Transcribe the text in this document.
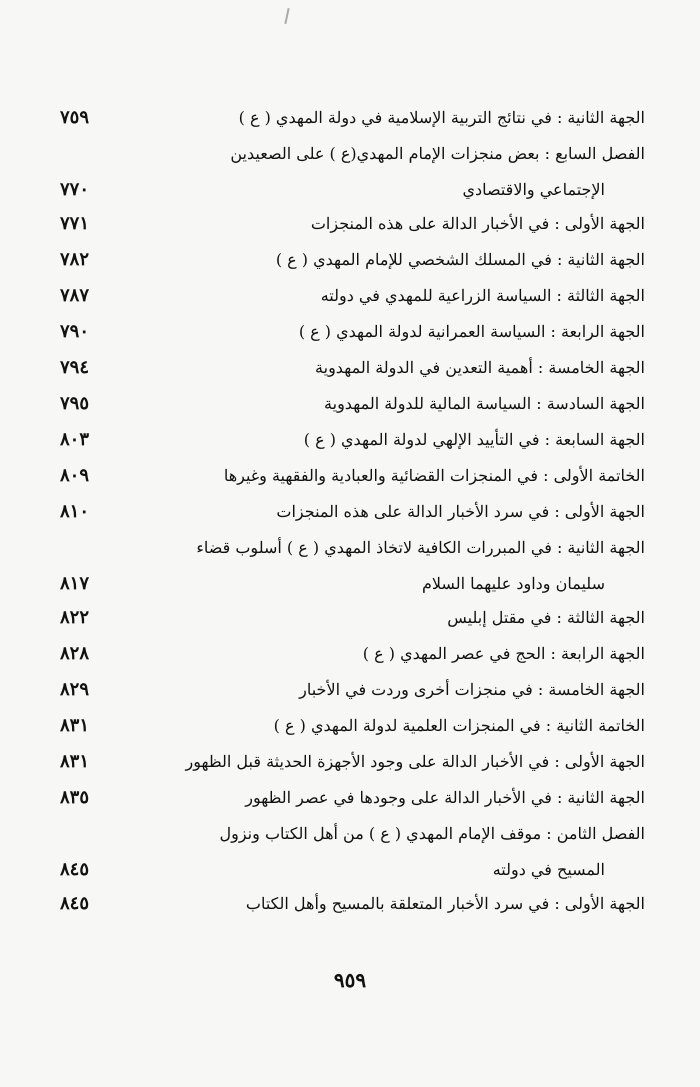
الجهة الثانية : في نتائج التربية الإسلامية في دولة المهدي ( ع )
٧٥٩
الفصل السابع : بعض منجزات الإمام المهدي(ع ) على الصعيدين
الإجتماعي والاقتصادي
٧٧٠
الجهة الأولى : في الأخبار الدالة على هذه المنجزات
٧٧١
الجهة الثانية : في المسلك الشخصي للإمام المهدي ( ع )
٧٨٢
الجهة الثالثة : السياسة الزراعية للمهدي في دولته
٧٨٧
الجهة الرابعة : السياسة العمرانية لدولة المهدي ( ع )
٧٩٠
الجهة الخامسة : أهمية التعدين في الدولة المهدوية
٧٩٤
الجهة السادسة : السياسة المالية للدولة المهدوية
٧٩٥
الجهة السابعة : في التأييد الإلهي لدولة المهدي ( ع )
٨٠٣
الخاتمة الأولى : في المنجزات القضائية والعبادية والفقهية وغيرها
٨٠٩
الجهة الأولى : في سرد الأخبار الدالة على هذه المنجزات
٨١٠
الجهة الثانية : في المبررات الكافية لاتخاذ المهدي ( ع ) أسلوب قضاء
سليمان وداود عليهما السلام
٨١٧
الجهة الثالثة : في مقتل إبليس
٨٢٢
الجهة الرابعة : الحج في عصر المهدي ( ع )
٨٢٨
الجهة الخامسة : في منجزات أخرى وردت في الأخبار
٨٢٩
الخاتمة الثانية : في المنجزات العلمية لدولة المهدي ( ع )
٨٣١
الجهة الأولى : في الأخبار الدالة على وجود الأجهزة الحديثة قبل الظهور
٨٣١
الجهة الثانية : في الأخبار الدالة على وجودها في عصر الظهور
٨٣٥
الفصل الثامن : موقف الإمام المهدي ( ع ) من أهل الكتاب ونزول
المسيح في دولته
٨٤٥
الجهة الأولى : في سرد الأخبار المتعلقة بالمسيح وأهل الكتاب
٨٤٥
٩٥٩
